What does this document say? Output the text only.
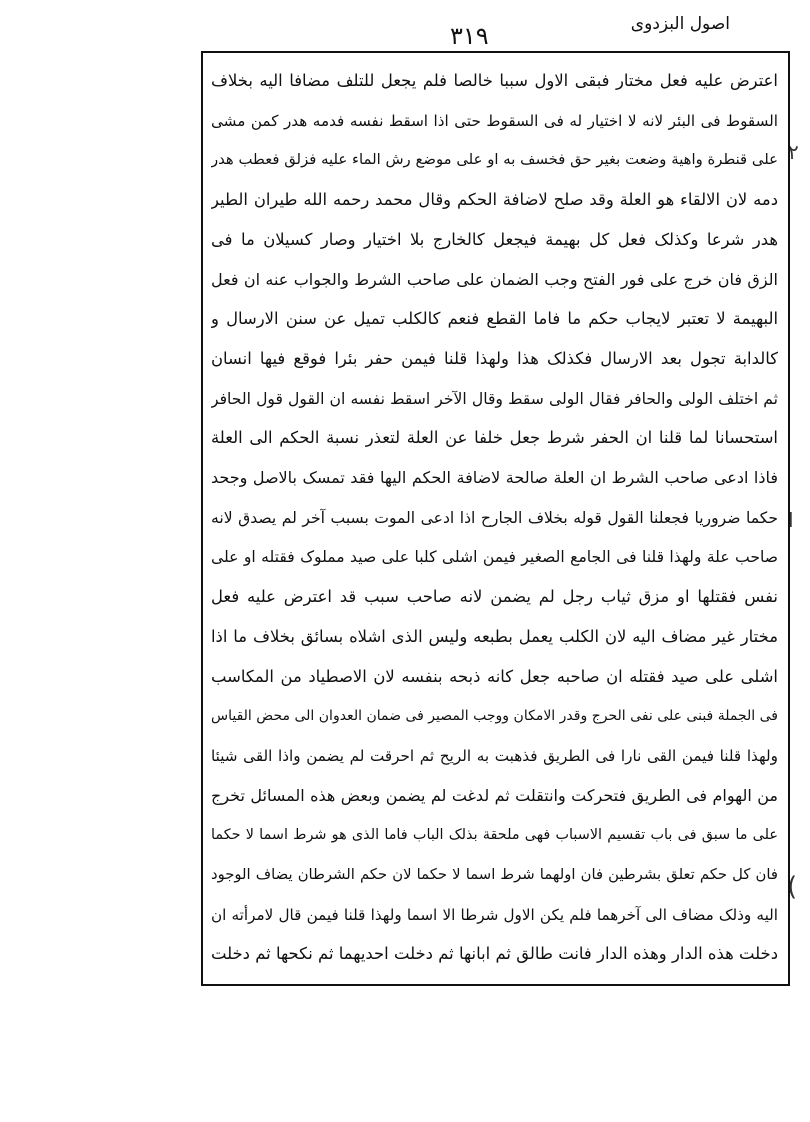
اصول البزدوی
۳۱۹
٢
ا
(
اعترض علیه فعل مختار فبقی الاول سببا خالصا فلم یجعل للتلف مضافا الیه بخلاف
السقوط فی البئر لانه لا اختیار له فی السقوط حتی اذا اسقط نفسه فدمه هدر کمن مشی
علی قنطرة واهیة وضعت بغیر حق فخسف به او علی موضع رش الماء علیه فزلق فعطب هدر
دمه لان الالقاء هو العلة وقد صلح لاضافة الحکم وقال محمد رحمه الله طیران الطیر
هدر شرعا وکذلک فعل کل بهیمة فیجعل کالخارج بلا اختیار وصار کسیلان ما فی
الزق فان خرج علی فور الفتح وجب الضمان علی صاحب الشرط والجواب عنه ان فعل
البهیمة لا تعتبر لایجاب حکم ما فاما القطع فنعم کالکلب تمیل عن سنن الارسال و
کالدابة تجول بعد الارسال فکذلک هذا ولهذا قلنا فیمن حفر بئرا فوقع فیها انسان
ثم اختلف الولی والحافر فقال الولی سقط وقال الآخر اسقط نفسه ان القول قول الحافر
استحسانا لما قلنا ان الحفر شرط جعل خلفا عن العلة لتعذر نسبة الحکم الی العلة
فاذا ادعی صاحب الشرط ان العلة صالحة لاضافة الحکم الیها فقد تمسک بالاصل وجحد
حکما ضروریا فجعلنا القول قوله بخلاف الجارح اذا ادعی الموت بسبب آخر لم یصدق لانه
صاحب علة ولهذا قلنا فی الجامع الصغیر فیمن اشلی کلبا علی صید مملوک فقتله او علی
نفس فقتلها او مزق ثیاب رجل لم یضمن لانه صاحب سبب قد اعترض علیه فعل
مختار غیر مضاف الیه لان الکلب یعمل بطبعه ولیس الذی اشلاه بسائق بخلاف ما اذا
اشلی علی صید فقتله ان صاحبه جعل کانه ذبحه بنفسه لان الاصطیاد من المکاسب
فی الجملة فبنی علی نفی الحرج وقدر الامکان ووجب المصیر فی ضمان العدوان الی محض القیاس
ولهذا قلنا فیمن القی نارا فی الطریق فذهبت به الریح ثم احرقت لم یضمن واذا القی شیئا
من الهوام فی الطریق فتحرکت وانتقلت ثم لدغت لم یضمن وبعض هذه المسائل تخرج
علی ما سبق فی باب تقسیم الاسباب فهی ملحقة بذلک الباب فاما الذی هو شرط اسما لا حکما
فان کل حکم تعلق بشرطین فان اولهما شرط اسما لا حکما لان حکم الشرطان یضاف الوجود
الیه وذلک مضاف الی آخرهما فلم یکن الاول شرطا الا اسما ولهذا قلنا فیمن قال لامرأته ان
دخلت هذه الدار وهذه الدار فانت طالق ثم ابانها ثم دخلت احدیهما ثم نکحها ثم دخلت
